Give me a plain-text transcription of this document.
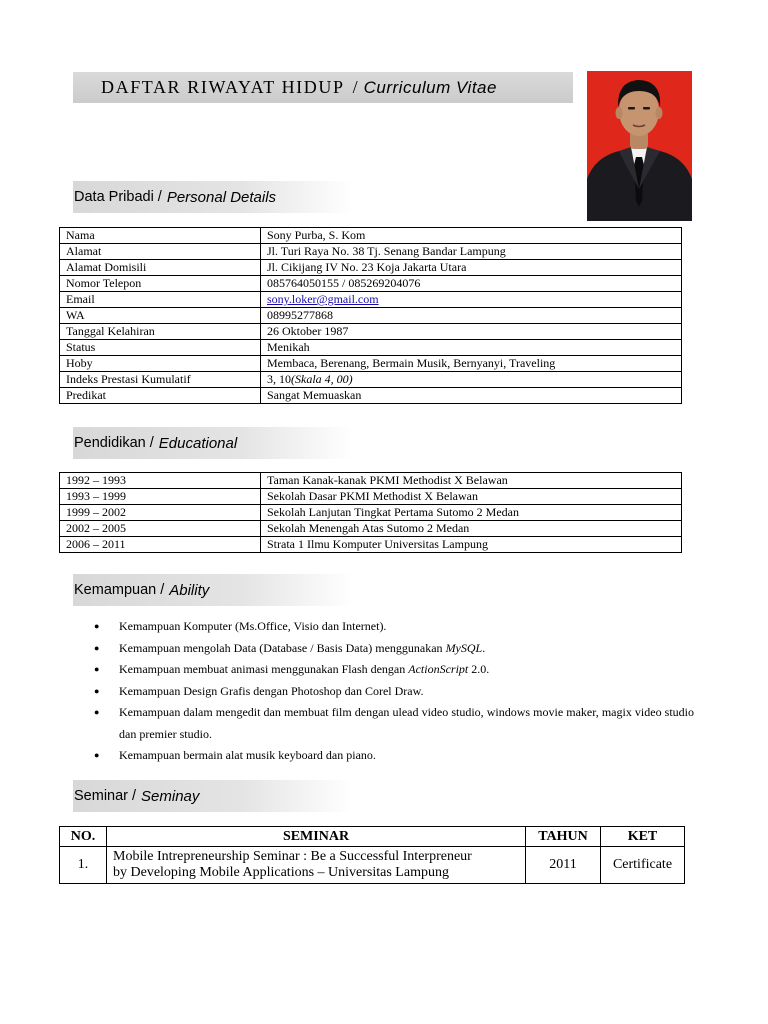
DAFTAR RIWAYAT HIDUP / Curriculum Vitae
Data Pribadi / Personal Details
Nama	Sony Purba, S. Kom
Alamat	Jl. Turi Raya No. 38 Tj. Senang Bandar Lampung
Alamat Domisili	Jl. Cikijang IV No. 23 Koja Jakarta Utara
Nomor Telepon	085764050155 / 085269204076
Email	sony.loker@gmail.com
WA	08995277868
Tanggal Kelahiran	26 Oktober 1987
Status	Menikah
Hoby	Membaca, Berenang, Bermain Musik, Bernyanyi, Traveling
Indeks Prestasi Kumulatif	3, 10(Skala 4, 00)
Predikat	Sangat Memuaskan
Pendidikan / Educational
1992 – 1993	Taman Kanak-kanak PKMI Methodist X Belawan
1993 – 1999	Sekolah Dasar PKMI Methodist X Belawan
1999 – 2002	Sekolah Lanjutan Tingkat Pertama Sutomo 2 Medan
2002 – 2005	Sekolah Menengah Atas Sutomo 2 Medan
2006 – 2011	Strata 1 Ilmu Komputer Universitas Lampung
Kemampuan / Ability
● Kemampuan Komputer (Ms.Office, Visio dan Internet).
● Kemampuan mengolah Data (Database / Basis Data) menggunakan MySQL.
● Kemampuan membuat animasi menggunakan Flash dengan ActionScript 2.0.
● Kemampuan Design Grafis dengan Photoshop dan Corel Draw.
● Kemampuan dalam mengedit dan membuat film dengan ulead video studio, windows movie maker, magix video studio dan premier studio.
● Kemampuan bermain alat musik keyboard dan piano.
Seminar / Seminay
NO.	SEMINAR	TAHUN	KET
1.	Mobile Intrepreneurship Seminar : Be a Successful Interpreneur
by Developing Mobile Applications – Universitas Lampung	2011	Certificate
